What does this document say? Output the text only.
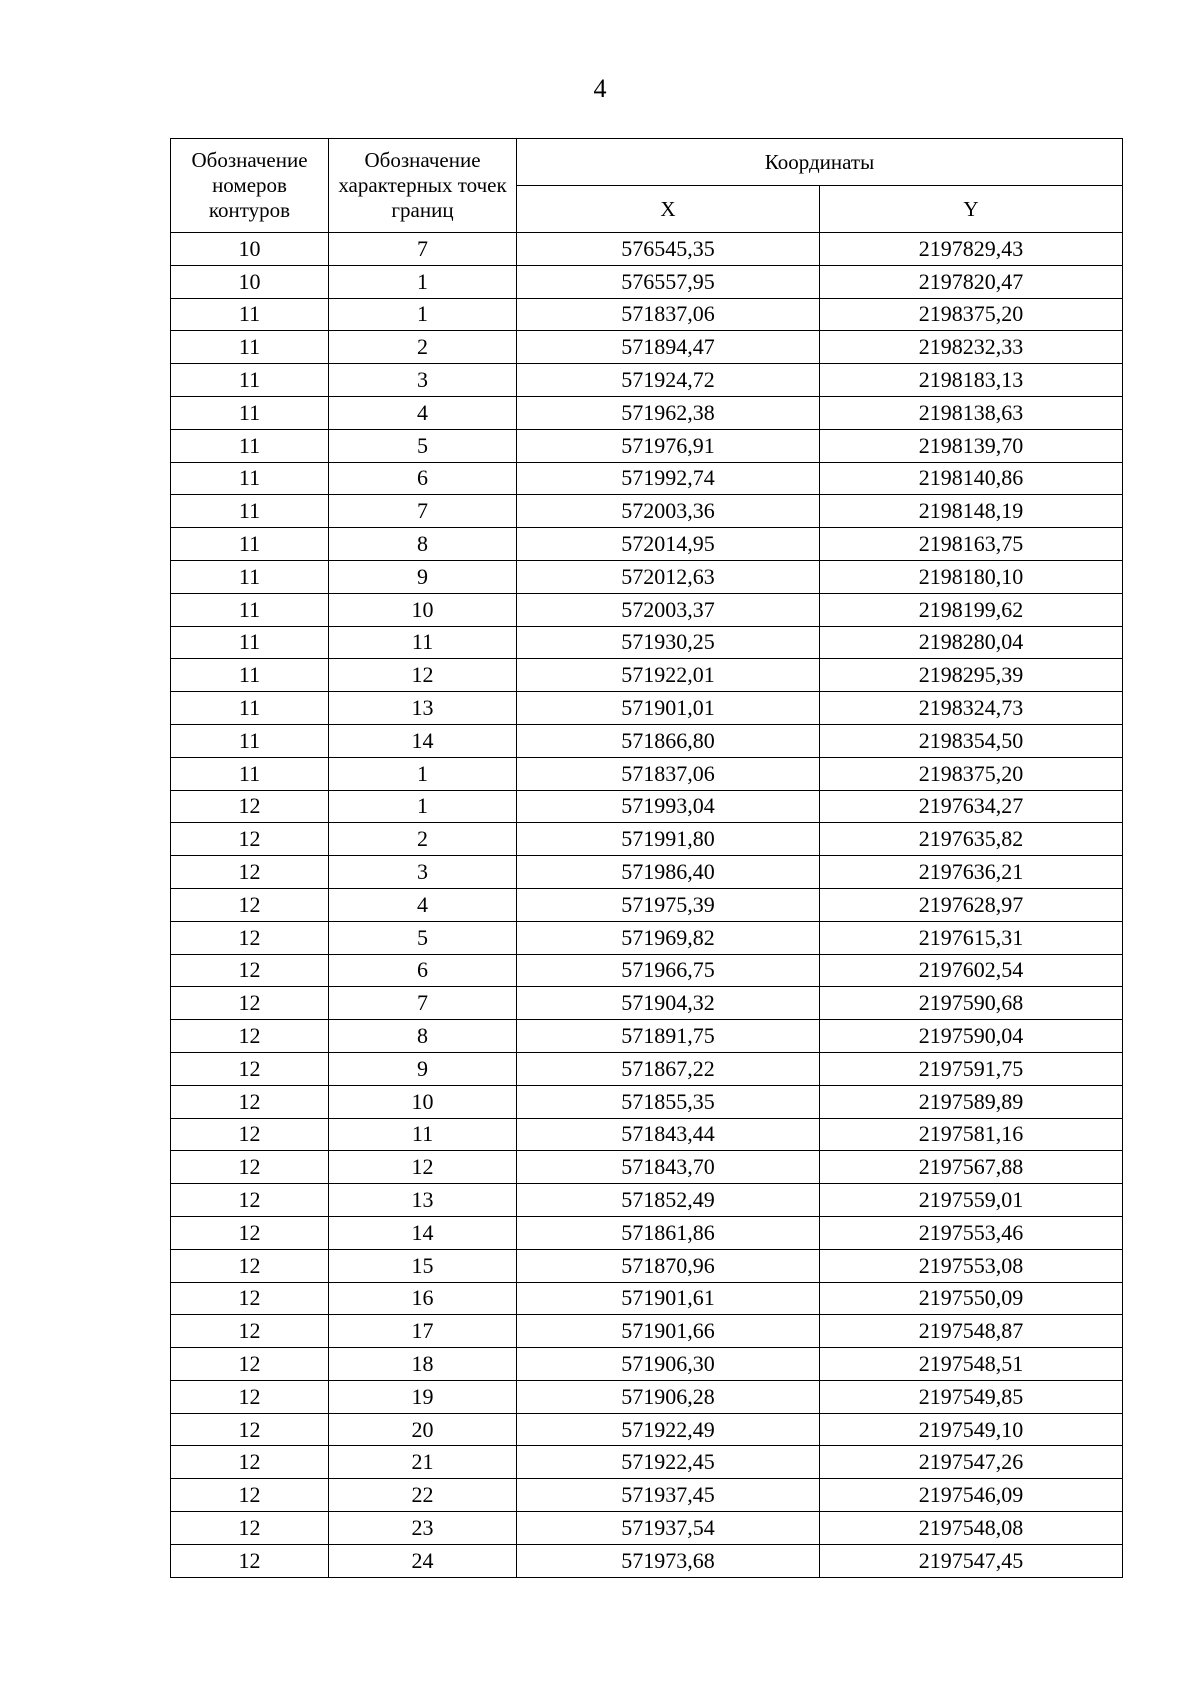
4
Обозначение номеров контуров	Обозначение характерных точек границ	Координаты	
		X	Y
10	7	576545,35	2197829,43
10	1	576557,95	2197820,47
11	1	571837,06	2198375,20
11	2	571894,47	2198232,33
11	3	571924,72	2198183,13
11	4	571962,38	2198138,63
11	5	571976,91	2198139,70
11	6	571992,74	2198140,86
11	7	572003,36	2198148,19
11	8	572014,95	2198163,75
11	9	572012,63	2198180,10
11	10	572003,37	2198199,62
11	11	571930,25	2198280,04
11	12	571922,01	2198295,39
11	13	571901,01	2198324,73
11	14	571866,80	2198354,50
11	1	571837,06	2198375,20
12	1	571993,04	2197634,27
12	2	571991,80	2197635,82
12	3	571986,40	2197636,21
12	4	571975,39	2197628,97
12	5	571969,82	2197615,31
12	6	571966,75	2197602,54
12	7	571904,32	2197590,68
12	8	571891,75	2197590,04
12	9	571867,22	2197591,75
12	10	571855,35	2197589,89
12	11	571843,44	2197581,16
12	12	571843,70	2197567,88
12	13	571852,49	2197559,01
12	14	571861,86	2197553,46
12	15	571870,96	2197553,08
12	16	571901,61	2197550,09
12	17	571901,66	2197548,87
12	18	571906,30	2197548,51
12	19	571906,28	2197549,85
12	20	571922,49	2197549,10
12	21	571922,45	2197547,26
12	22	571937,45	2197546,09
12	23	571937,54	2197548,08
12	24	571973,68	2197547,45
